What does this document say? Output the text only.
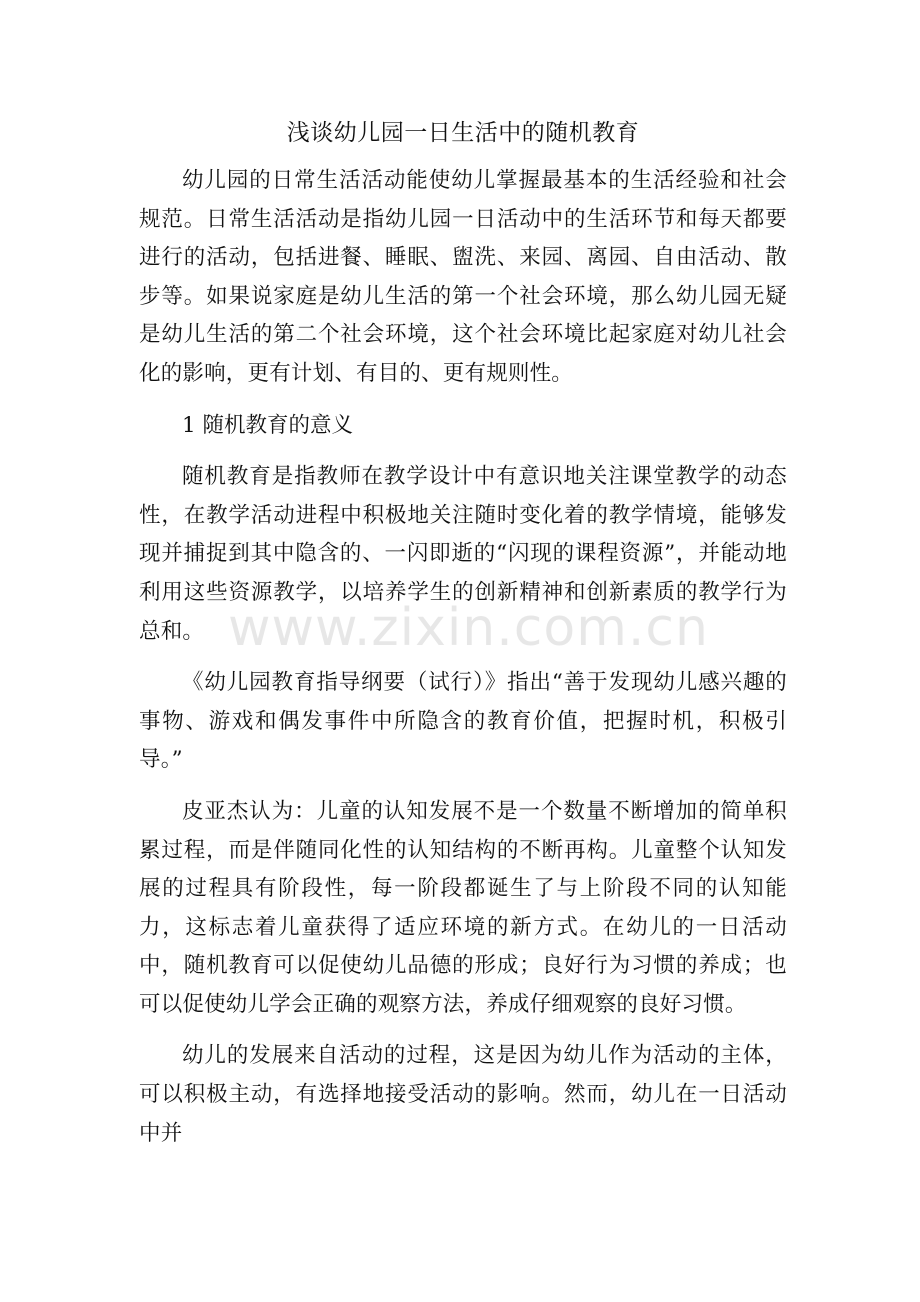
浅谈幼儿园一日生活中的随机教育

幼儿园的日常生活活动能使幼儿掌握最基本的生活经验和社会规范。日常生活活动是指幼儿园一日活动中的生活环节和每天都要进行的活动，包括进餐、睡眠、盥洗、来园、离园、自由活动、散步等。如果说家庭是幼儿生活的第一个社会环境，那么幼儿园无疑是幼儿生活的第二个社会环境，这个社会环境比起家庭对幼儿社会化的影响，更有计划、有目的、更有规则性。

1 随机教育的意义

随机教育是指教师在教学设计中有意识地关注课堂教学的动态性，在教学活动进程中积极地关注随时变化着的教学情境，能够发现并捕捉到其中隐含的、一闪即逝的“闪现的课程资源”，并能动地利用这些资源教学，以培养学生的创新精神和创新素质的教学行为总和。

《幼儿园教育指导纲要（试行）》指出“善于发现幼儿感兴趣的事物、游戏和偶发事件中所隐含的教育价值，把握时机，积极引导。”

皮亚杰认为：儿童的认知发展不是一个数量不断增加的简单积累过程，而是伴随同化性的认知结构的不断再构。儿童整个认知发展的过程具有阶段性，每一阶段都诞生了与上阶段不同的认知能力，这标志着儿童获得了适应环境的新方式。在幼儿的一日活动中，随机教育可以促使幼儿品德的形成；良好行为习惯的养成；也可以促使幼儿学会正确的观察方法，养成仔细观察的良好习惯。

幼儿的发展来自活动的过程，这是因为幼儿作为活动的主体，可以积极主动，有选择地接受活动的影响。然而，幼儿在一日活动中并

www.zixin.com.cn
